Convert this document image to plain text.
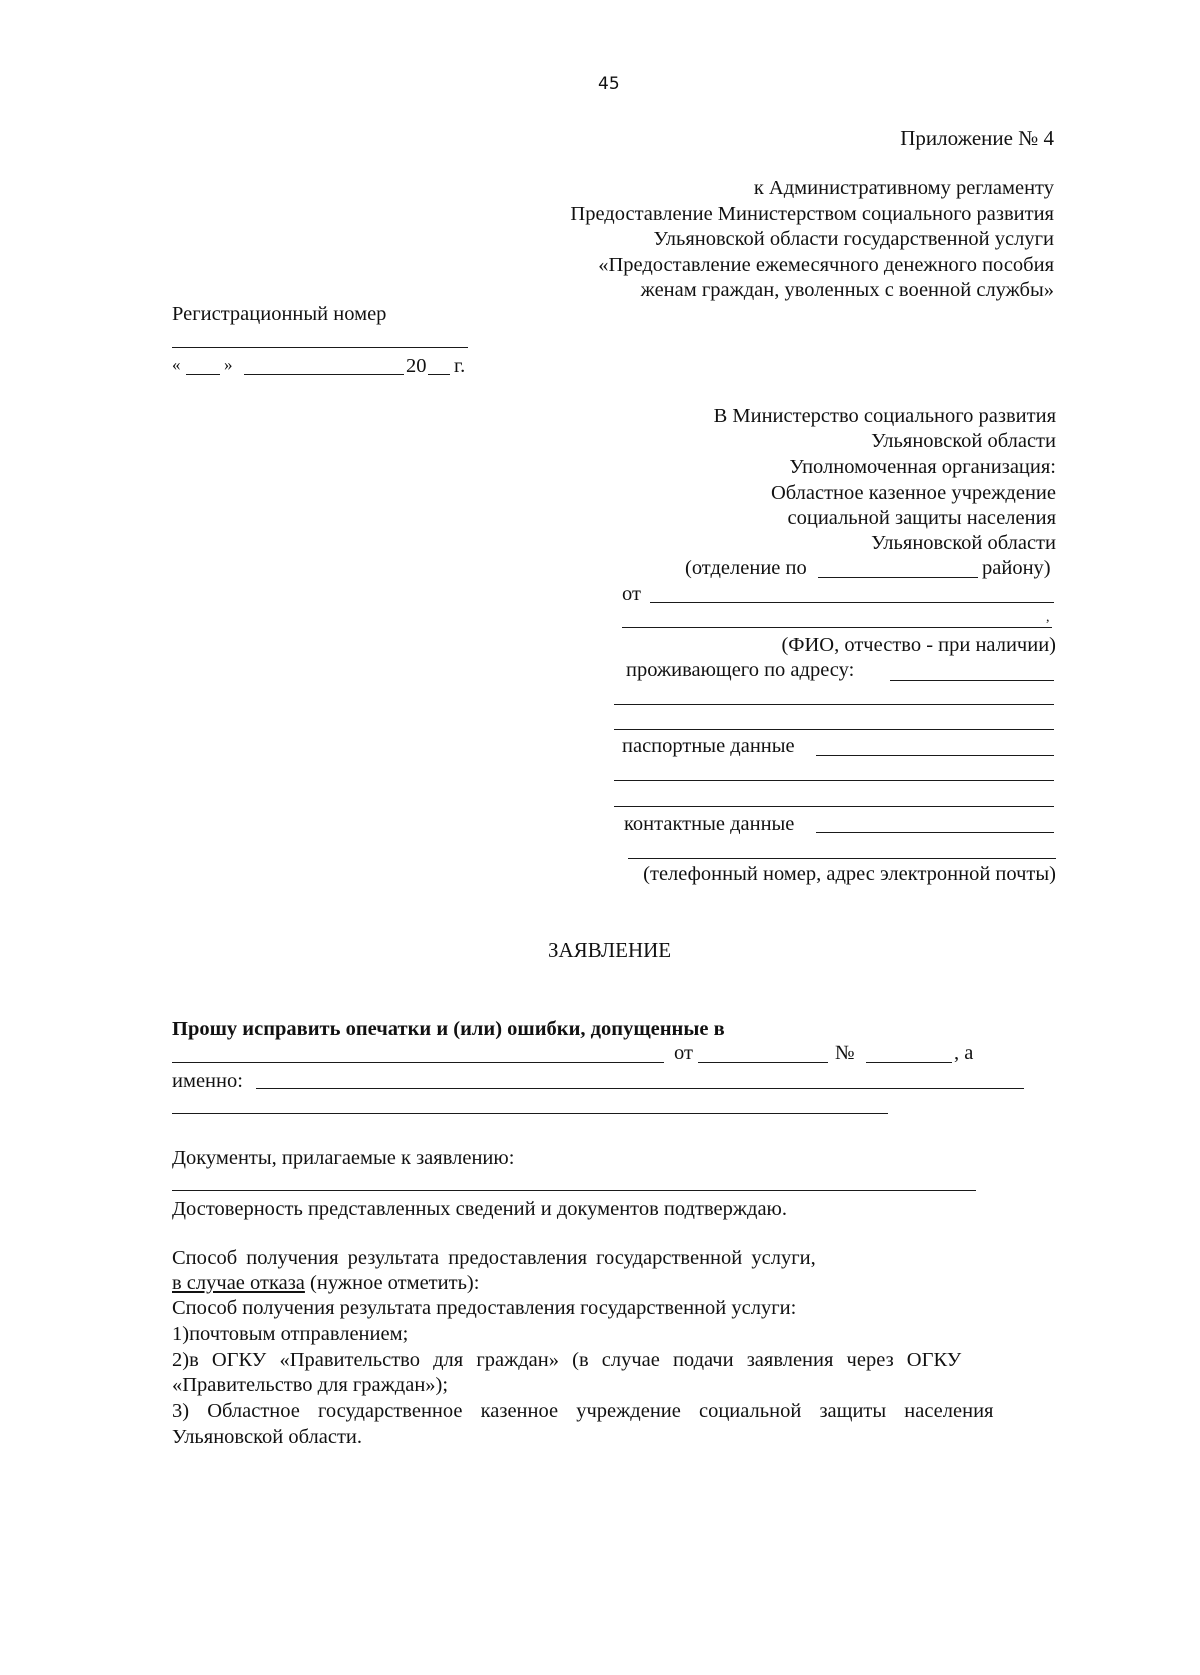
45
Приложение № 4
к Административному регламенту
Предоставление Министерством социального развития
Ульяновской области государственной услуги
«Предоставление ежемесячного денежного пособия
женам граждан, уволенных с военной службы»
Регистрационный номер
«	»	20 г.
В Министерство социального развития
Ульяновской области
Уполномоченная организация:
Областное казенное учреждение
социальной защиты населения
Ульяновской области
(отделение по	району)
от
,
(ФИО, отчество - при наличии)
проживающего по адресу:
паспортные данные
контактные данные
(телефонный номер, адрес электронной почты)
ЗАЯВЛЕНИЕ
Прошу исправить опечатки и (или) ошибки, допущенные в
от	№	, а
именно:
Документы, прилагаемые к заявлению:
Достоверность представленных сведений и документов подтверждаю.
Способ получения результата предоставления государственной услуги,
в случае отказа (нужное отметить):
Способ получения результата предоставления государственной услуги:
1)почтовым отправлением;
2)в ОГКУ «Правительство для граждан» (в случае подачи заявления через ОГКУ
«Правительство для граждан»);
3) Областное государственное казенное учреждение социальной защиты населения
Ульяновской области.
